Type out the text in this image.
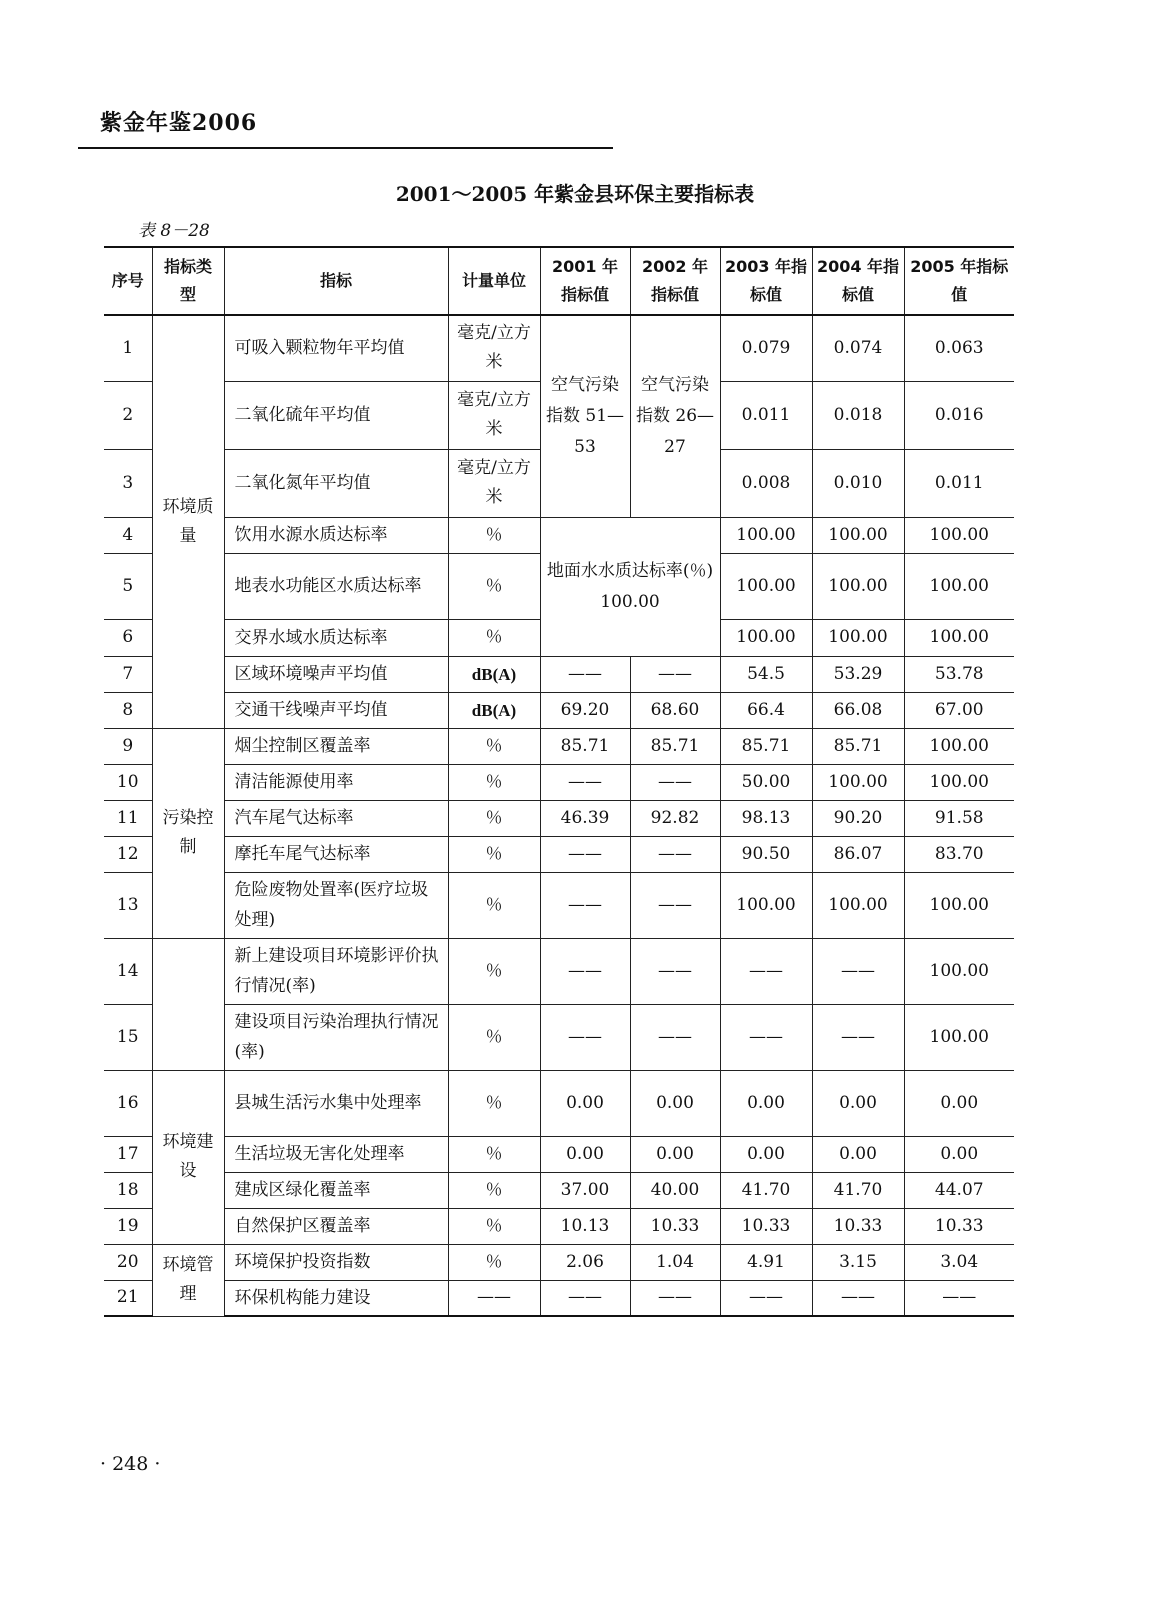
紫金年鉴2006
2001～2005 年紫金县环保主要指标表
表 8－28
序号	指标类型	指标	计量单位	2001 年指标值	2002 年指标值	2003 年指标值	2004 年指标值	2005 年指标值
1	环境质量	可吸入颗粒物年平均值	毫克/立方米	空气污染指数 51—53	空气污染指数 26—27	0.079	0.074	0.063
2		二氧化硫年平均值	毫克/立方米			0.011	0.018	0.016
3		二氧化氮年平均值	毫克/立方米			0.008	0.010	0.011
4		饮用水源水质达标率	％	地面水水质达标率(％) 100.00		100.00	100.00	100.00
5		地表水功能区水质达标率	％			100.00	100.00	100.00
6		交界水域水质达标率	％			100.00	100.00	100.00
7		区域环境噪声平均值	dB(A)	——	——	54.5	53.29	53.78
8		交通干线噪声平均值	dB(A)	69.20	68.60	66.4	66.08	67.00
9	污染控制	烟尘控制区覆盖率	％	85.71	85.71	85.71	85.71	100.00
10		清洁能源使用率	％	——	——	50.00	100.00	100.00
11		汽车尾气达标率	％	46.39	92.82	98.13	90.20	91.58
12		摩托车尾气达标率	％	——	——	90.50	86.07	83.70
13		危险废物处置率(医疗垃圾处理)	％	——	——	100.00	100.00	100.00
14		新上建设项目环境影评价执行情况(率)	％	——	——	——	——	100.00
15		建设项目污染治理执行情况(率)	％	——	——	——	——	100.00
16	环境建设	县城生活污水集中处理率	％	0.00	0.00	0.00	0.00	0.00
17		生活垃圾无害化处理率	％	0.00	0.00	0.00	0.00	0.00
18		建成区绿化覆盖率	％	37.00	40.00	41.70	41.70	44.07
19		自然保护区覆盖率	％	10.13	10.33	10.33	10.33	10.33
20	环境管理	环境保护投资指数	％	2.06	1.04	4.91	3.15	3.04
21		环保机构能力建设	——	——	——	——	——	——
· 248 ·
